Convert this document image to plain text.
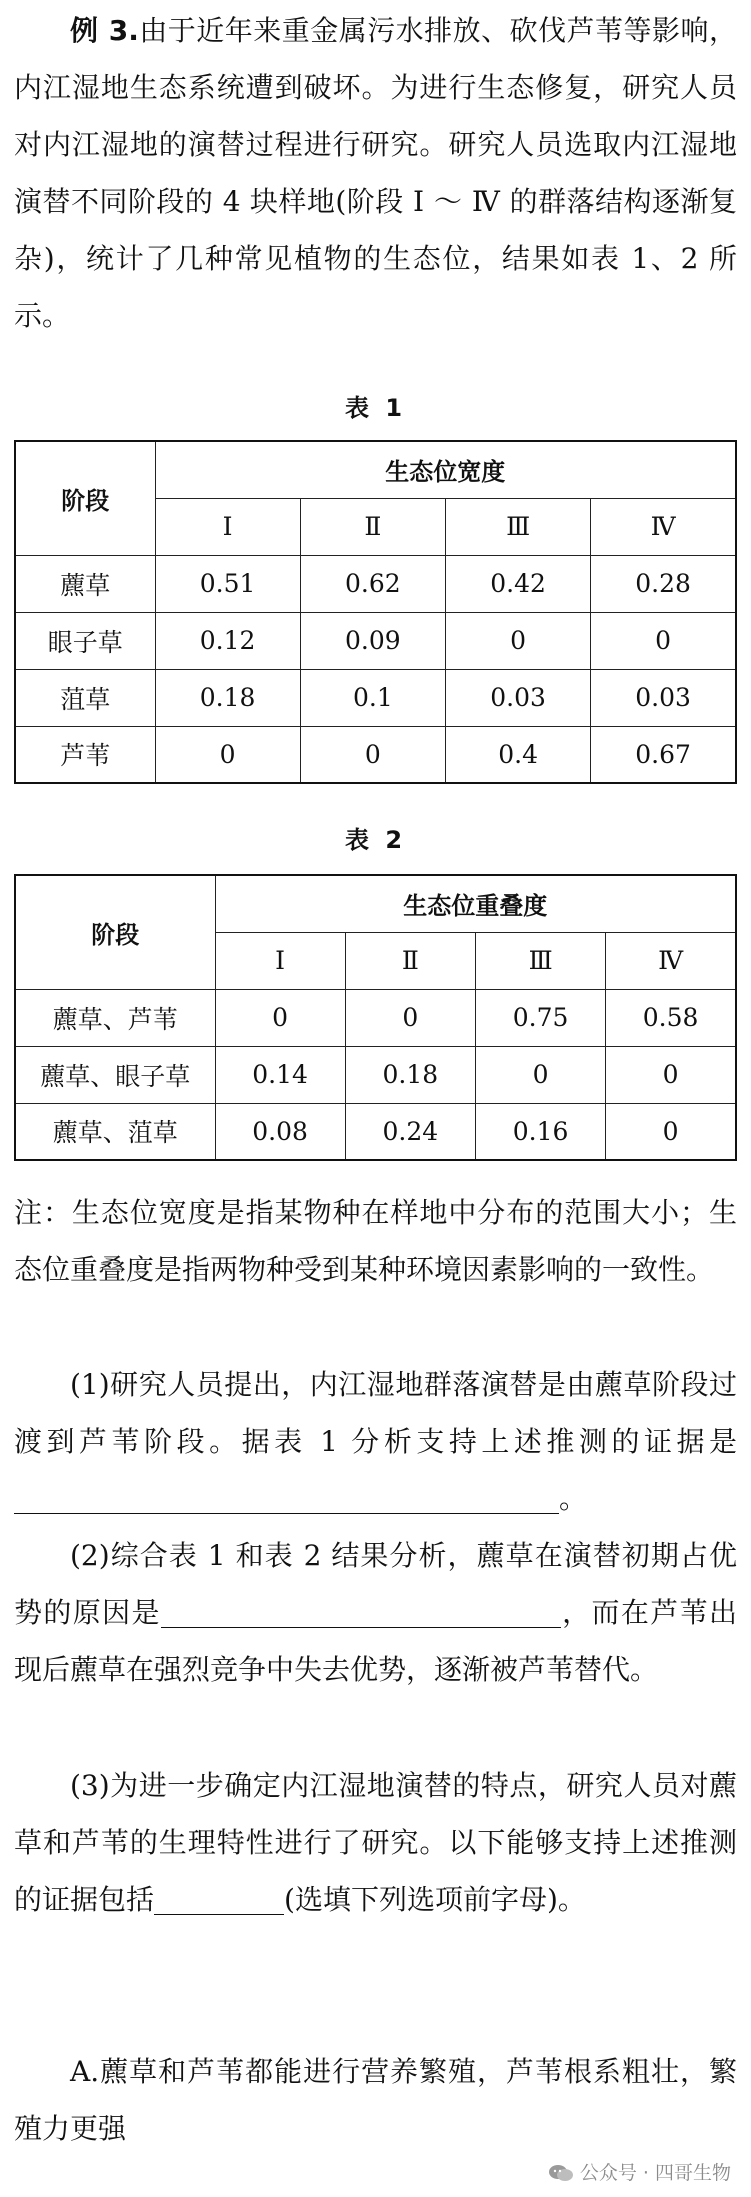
例 3.由于近年来重金属污水排放、砍伐芦苇等影响，内江湿地生态系统遭到破坏。为进行生态修复，研究人员对内江湿地的演替过程进行研究。研究人员选取内江湿地演替不同阶段的 4 块样地(阶段 Ⅰ ～ Ⅳ 的群落结构逐渐复杂)，统计了几种常见植物的生态位，结果如表 1、2 所示。

表 1
阶段	生态位宽度			
	Ⅰ	Ⅱ	Ⅲ	Ⅳ
藨草	0.51	0.62	0.42	0.28
眼子草	0.12	0.09	0	0
菹草	0.18	0.1	0.03	0.03
芦苇	0	0	0.4	0.67
表 2
阶段	生态位重叠度			
	Ⅰ	Ⅱ	Ⅲ	Ⅳ
藨草、芦苇	0	0	0.75	0.58
藨草、眼子草	0.14	0.18	0	0
藨草、菹草	0.08	0.24	0.16	0

注：生态位宽度是指某物种在样地中分布的范围大小；生态位重叠度是指两物种受到某种环境因素影响的一致性。

(1)研究人员提出，内江湿地群落演替是由藨草阶段过渡到芦苇阶段。据表 1 分析支持上述推测的证据是。

(2)综合表 1 和表 2 结果分析，藨草在演替初期占优势的原因是	，而在芦苇出现后藨草在强烈竞争中失去优势，逐渐被芦苇替代。

(3)为进一步确定内江湿地演替的特点，研究人员对藨草和芦苇的生理特性进行了研究。以下能够支持上述推测的证据包括	(选填下列选项前字母)。

A.藨草和芦苇都能进行营养繁殖，芦苇根系粗壮，繁殖力更强

公众号 · 四哥生物
